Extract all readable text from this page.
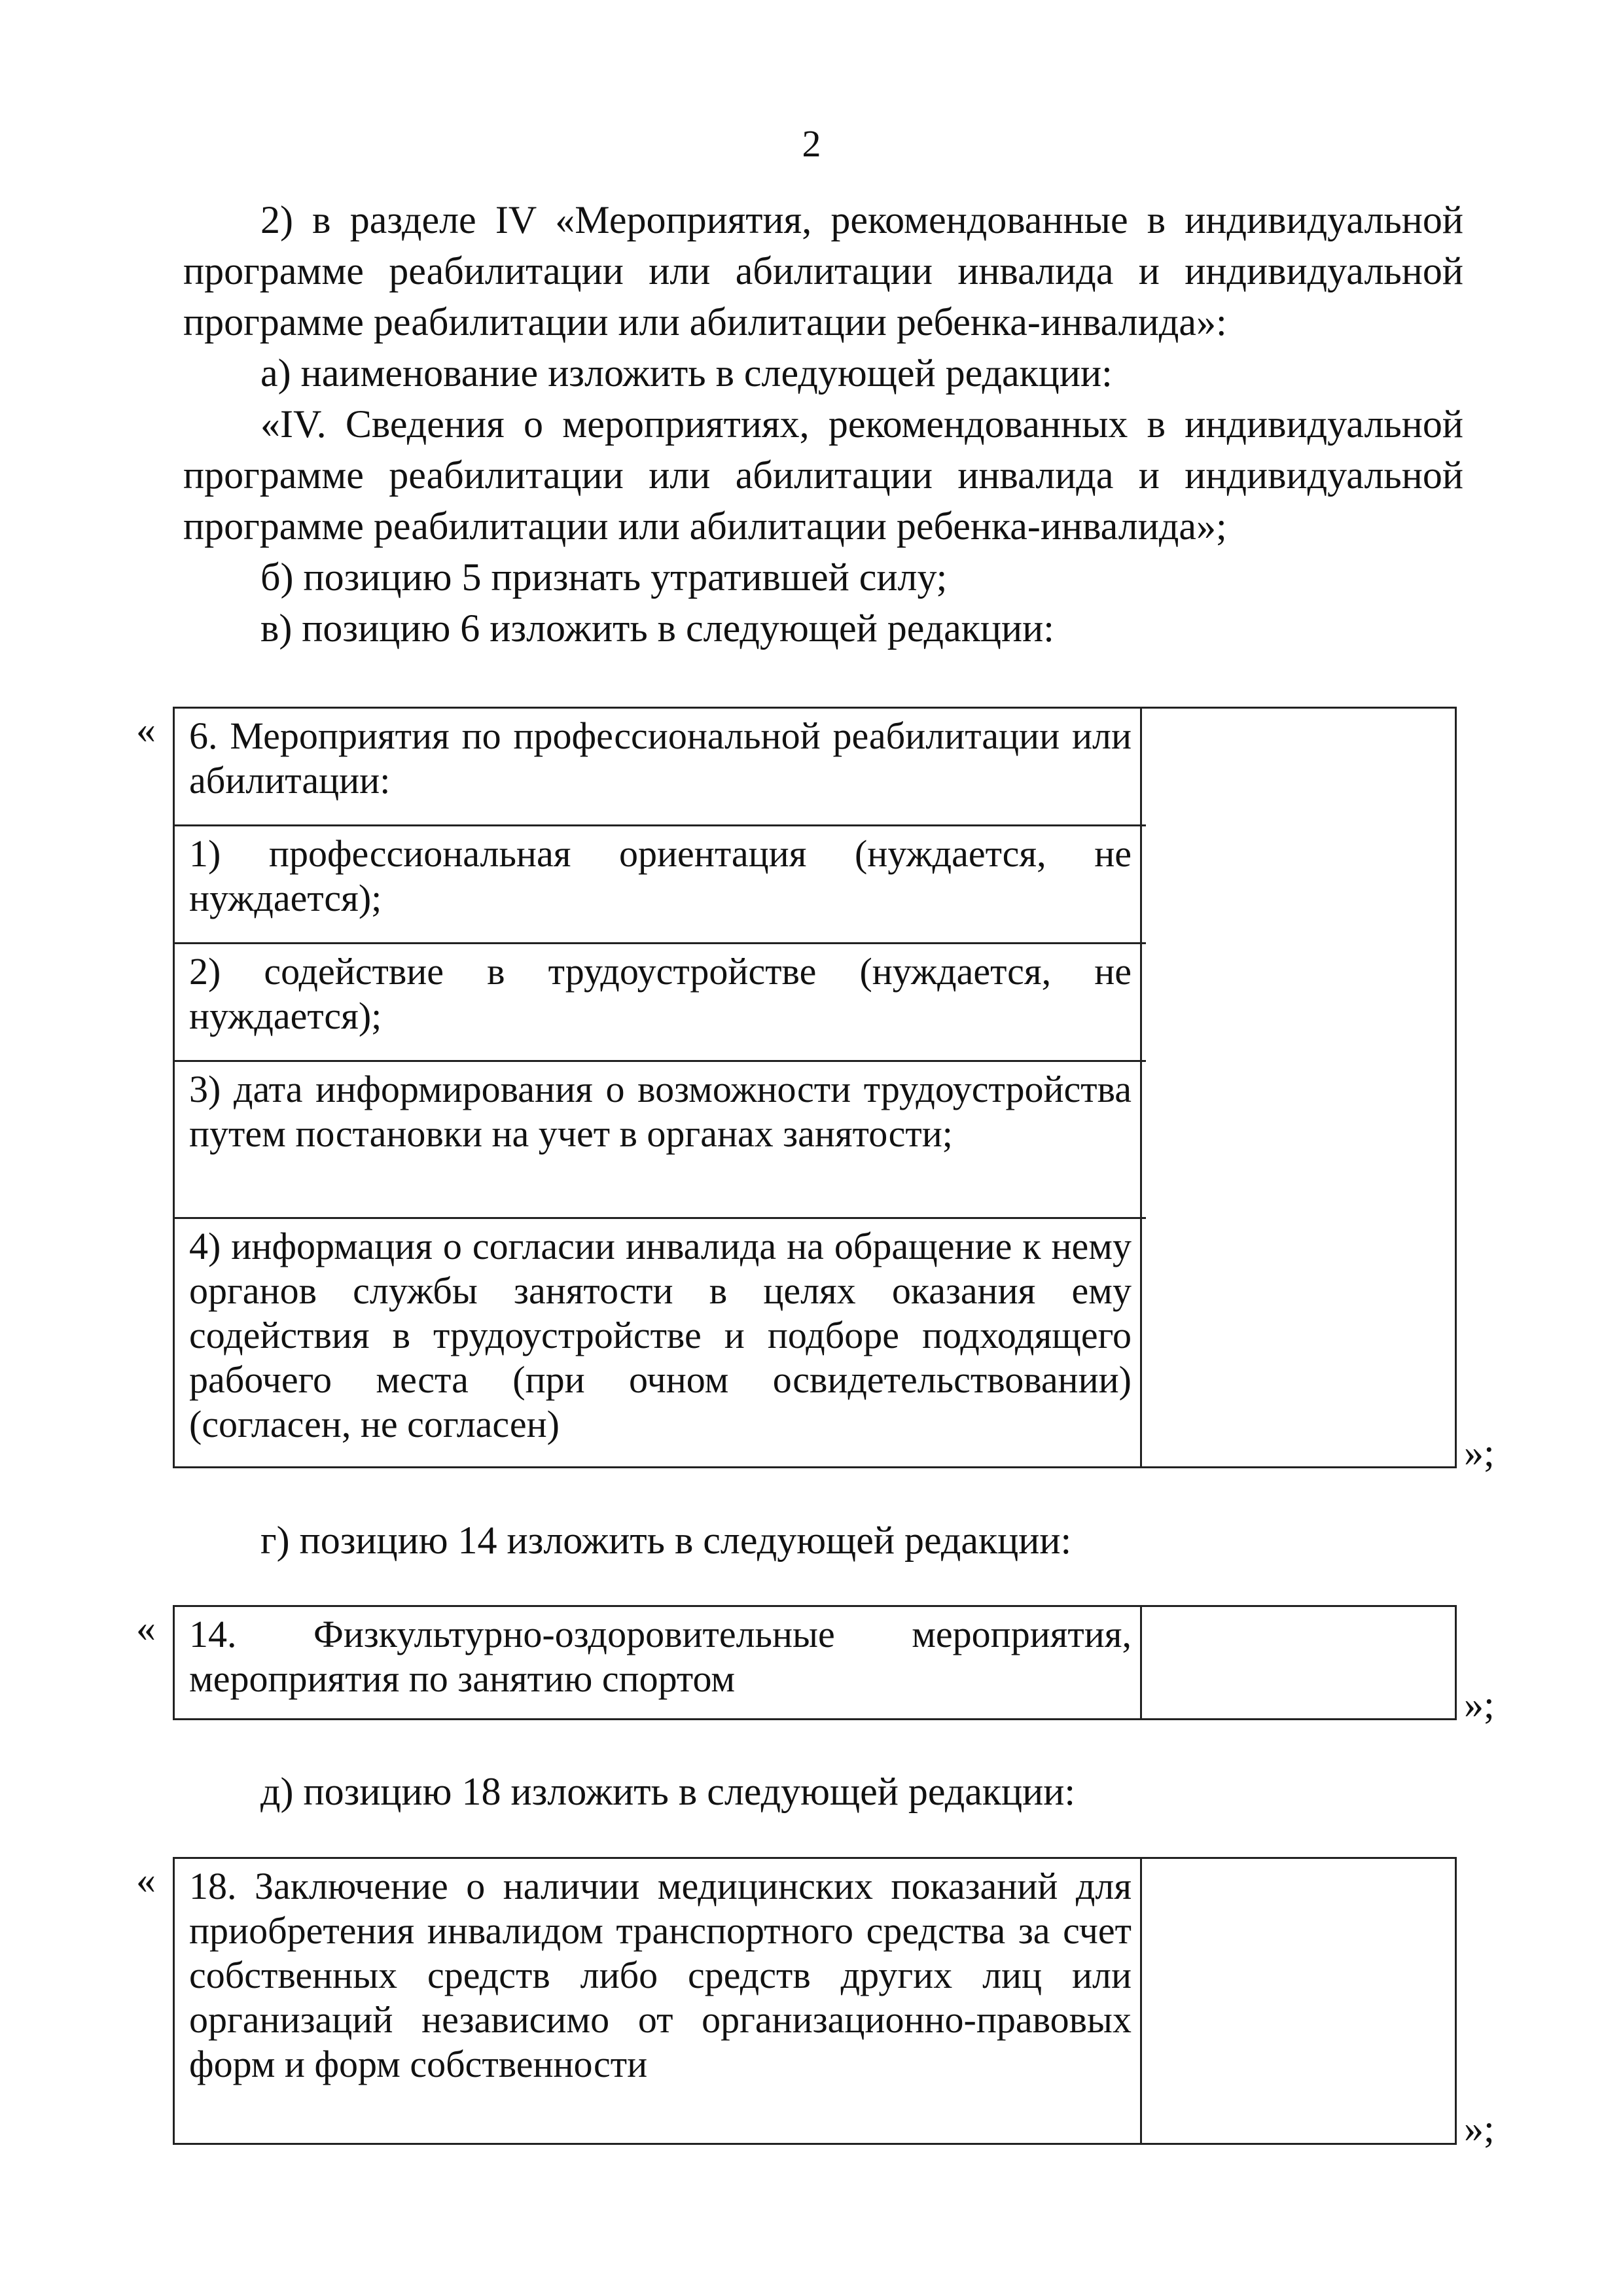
2

2) в разделе IV «Мероприятия, рекомендованные в индивидуальной программе реабилитации или абилитации инвалида и индивидуальной программе реабилитации или абилитации ребенка-инвалида»:

а) наименование изложить в следующей редакции:

«IV. Сведения о мероприятиях, рекомендованных в индивидуальной программе реабилитации или абилитации инвалида и индивидуальной программе реабилитации или абилитации ребенка-инвалида»;

б) позицию 5 признать утратившей силу;

в) позицию 6 изложить в следующей редакции:

« 6. Мероприятия по профессиональной реабилитации или абилитации:

1) профессиональная ориентация (нуждается, не нуждается);

2) содействие в трудоустройстве (нуждается, не нуждается);

3) дата информирования о возможности трудоустройства путем постановки на учет в органах занятости;

4) информация о согласии инвалида на обращение к нему органов службы занятости в целях оказания ему содействия в трудоустройстве и подборе подходящего рабочего места (при очном освидетельствовании) (согласен, не согласен)

»;

г) позицию 14 изложить в следующей редакции:

« 14. Физкультурно-оздоровительные мероприятия, мероприятия по занятию спортом

»;

д) позицию 18 изложить в следующей редакции:

« 18. Заключение о наличии медицинских показаний для приобретения инвалидом транспортного средства за счет собственных средств либо средств других лиц или организаций независимо от организационно-правовых форм и форм собственности

»;
